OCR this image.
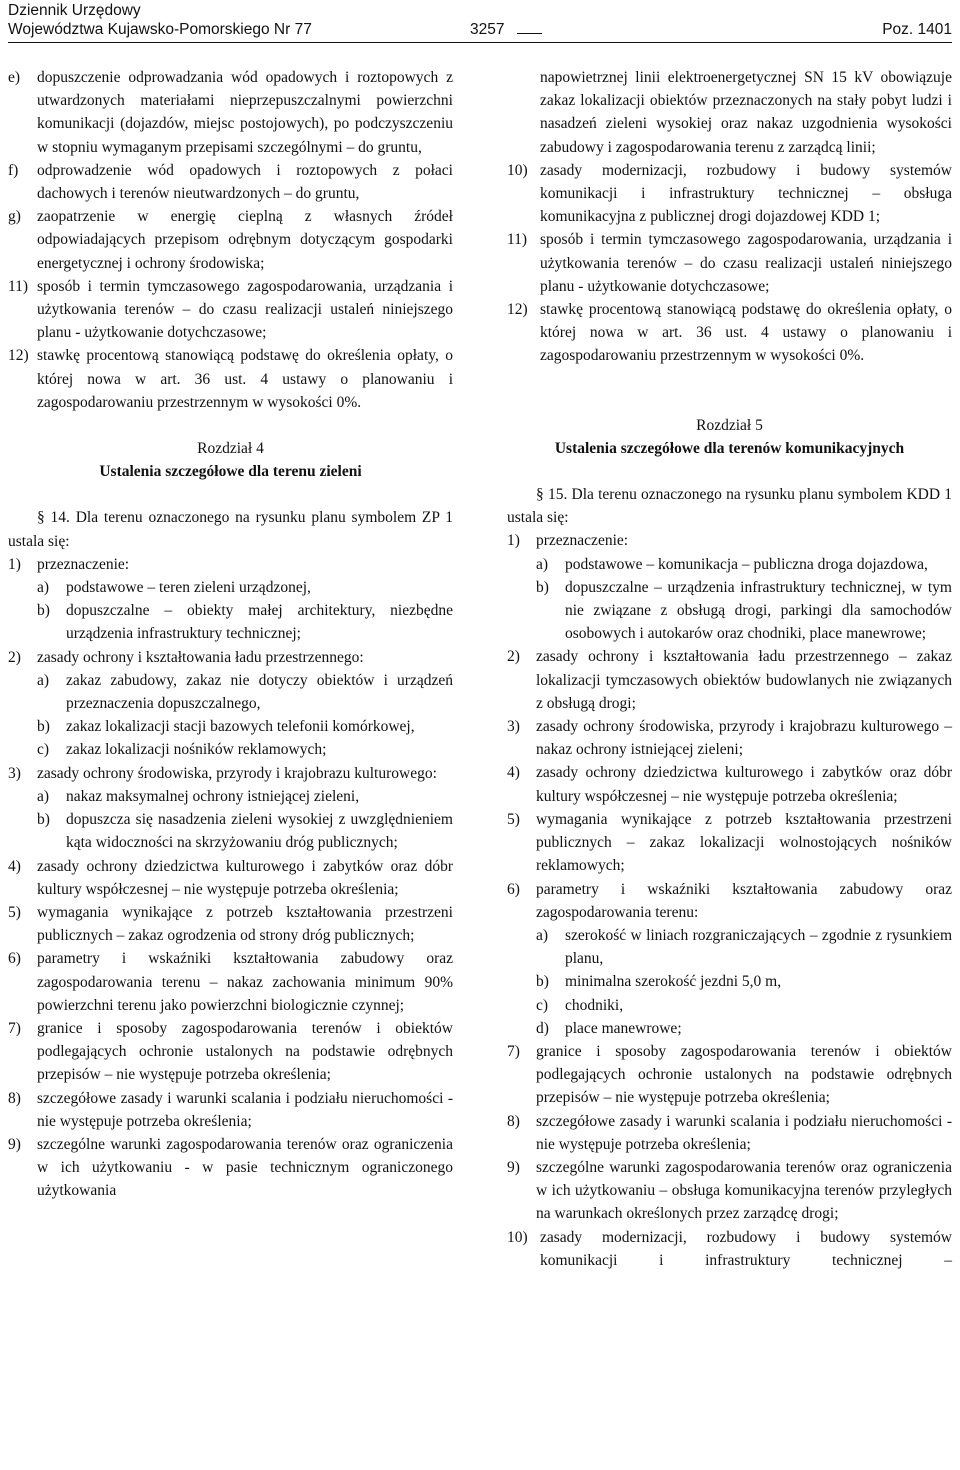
Dziennik Urzędowy
Województwa Kujawsko-Pomorskiego Nr 77	3257	Poz. 1401

e) dopuszczenie odprowadzania wód opadowych i roztopowych z utwardzonych materiałami nieprzepuszczalnymi powierzchni komunikacji (dojazdów, miejsc postojowych), po podczyszczeniu w stopniu wymaganym przepisami szczególnymi – do gruntu,

f) odprowadzenie wód opadowych i roztopowych z połaci dachowych i terenów nieutwardzonych – do gruntu,

g) zaopatrzenie w energię cieplną z własnych źródeł odpowiadających przepisom odrębnym dotyczącym gospodarki energetycznej i ochrony środowiska;

11) sposób i termin tymczasowego zagospodarowania, urządzania i użytkowania terenów – do czasu realizacji ustaleń niniejszego planu - użytkowanie dotychczasowe;

12) stawkę procentową stanowiącą podstawę do określenia opłaty, o której nowa w art. 36 ust. 4 ustawy o planowaniu i zagospodarowaniu przestrzennym w wysokości 0%.

Rozdział 4

Ustalenia szczegółowe dla terenu zieleni

§ 14. Dla terenu oznaczonego na rysunku planu symbolem ZP 1 ustala się:

1) przeznaczenie:

a) podstawowe – teren zieleni urządzonej,

b) dopuszczalne – obiekty małej architektury, niezbędne urządzenia infrastruktury technicznej;

2) zasady ochrony i kształtowania ładu przestrzennego:

a) zakaz zabudowy, zakaz nie dotyczy obiektów i urządzeń przeznaczenia dopuszczalnego,

b) zakaz lokalizacji stacji bazowych telefonii komórkowej,

c) zakaz lokalizacji nośników reklamowych;

3) zasady ochrony środowiska, przyrody i krajobrazu kulturowego:

a) nakaz maksymalnej ochrony istniejącej zieleni,

b) dopuszcza się nasadzenia zieleni wysokiej z uwzględnieniem kąta widoczności na skrzyżowaniu dróg publicznych;

4) zasady ochrony dziedzictwa kulturowego i zabytków oraz dóbr kultury współczesnej – nie występuje potrzeba określenia;

5) wymagania wynikające z potrzeb kształtowania przestrzeni publicznych – zakaz ogrodzenia od strony dróg publicznych;

6) parametry i wskaźniki kształtowania zabudowy oraz zagospodarowania terenu – nakaz zachowania minimum 90% powierzchni terenu jako powierzchni biologicznie czynnej;

7) granice i sposoby zagospodarowania terenów i obiektów podlegających ochronie ustalonych na podstawie odrębnych przepisów – nie występuje potrzeba określenia;

8) szczegółowe zasady i warunki scalania i podziału nieruchomości - nie występuje potrzeba określenia;

9) szczególne warunki zagospodarowania terenów oraz ograniczenia w ich użytkowaniu - w pasie technicznym ograniczonego użytkowania

napowietrznej linii elektroenergetycznej SN 15 kV obowiązuje zakaz lokalizacji obiektów przeznaczonych na stały pobyt ludzi i nasadzeń zieleni wysokiej oraz nakaz uzgodnienia wysokości zabudowy i zagospodarowania terenu z zarządcą linii;

10) zasady modernizacji, rozbudowy i budowy systemów komunikacji i infrastruktury technicznej – obsługa komunikacyjna z publicznej drogi dojazdowej KDD 1;

11) sposób i termin tymczasowego zagospodarowania, urządzania i użytkowania terenów – do czasu realizacji ustaleń niniejszego planu - użytkowanie dotychczasowe;

12) stawkę procentową stanowiącą podstawę do określenia opłaty, o której nowa w art. 36 ust. 4 ustawy o planowaniu i zagospodarowaniu przestrzennym w wysokości 0%.

Rozdział 5

Ustalenia szczegółowe dla terenów komunikacyjnych

§ 15. Dla terenu oznaczonego na rysunku planu symbolem KDD 1 ustala się:

1) przeznaczenie:

a) podstawowe – komunikacja – publiczna droga dojazdowa,

b) dopuszczalne – urządzenia infrastruktury technicznej, w tym nie związane z obsługą drogi, parkingi dla samochodów osobowych i autokarów oraz chodniki, place manewrowe;

2) zasady ochrony i kształtowania ładu przestrzennego – zakaz lokalizacji tymczasowych obiektów budowlanych nie związanych z obsługą drogi;

3) zasady ochrony środowiska, przyrody i krajobrazu kulturowego – nakaz ochrony istniejącej zieleni;

4) zasady ochrony dziedzictwa kulturowego i zabytków oraz dóbr kultury współczesnej – nie występuje potrzeba określenia;

5) wymagania wynikające z potrzeb kształtowania przestrzeni publicznych – zakaz lokalizacji wolnostojących nośników reklamowych;

6) parametry i wskaźniki kształtowania zabudowy oraz zagospodarowania terenu:

a) szerokość w liniach rozgraniczających – zgodnie z rysunkiem planu,

b) minimalna szerokość jezdni 5,0 m,

c) chodniki,

d) place manewrowe;

7) granice i sposoby zagospodarowania terenów i obiektów podlegających ochronie ustalonych na podstawie odrębnych przepisów – nie występuje potrzeba określenia;

8) szczegółowe zasady i warunki scalania i podziału nieruchomości - nie występuje potrzeba określenia;

9) szczególne warunki zagospodarowania terenów oraz ograniczenia w ich użytkowaniu – obsługa komunikacyjna terenów przyległych na warunkach określonych przez zarządcę drogi;

10) zasady modernizacji, rozbudowy i budowy systemów komunikacji i infrastruktury technicznej –
